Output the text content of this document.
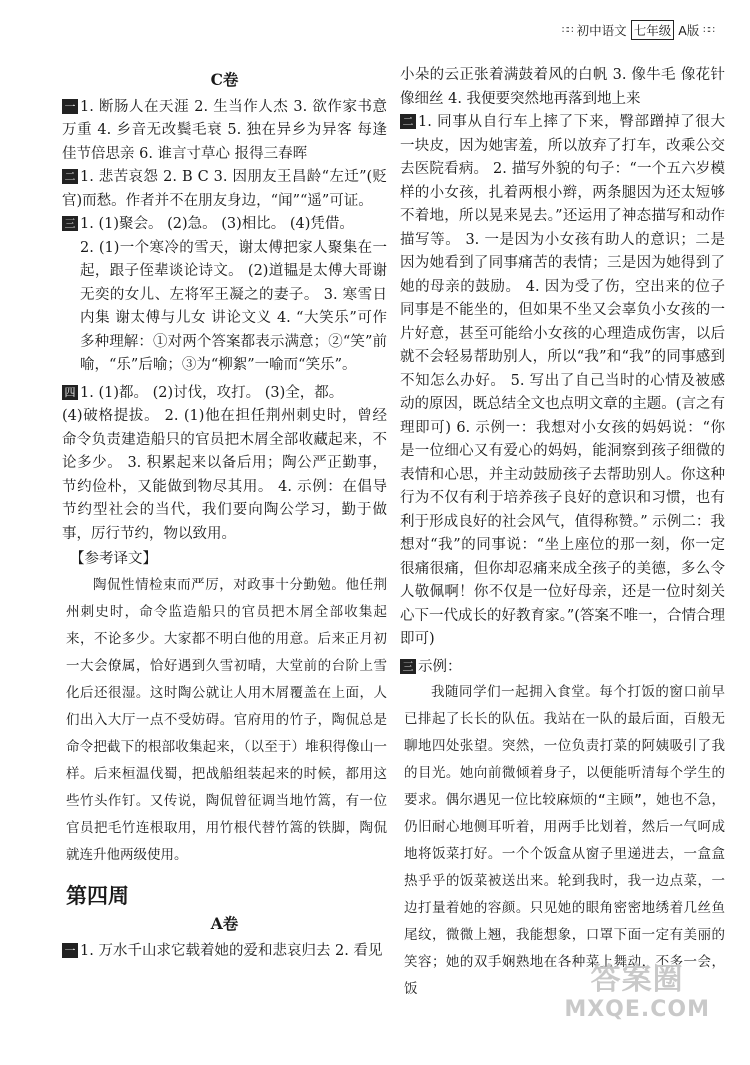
∷∷ 初中语文 七年级 A版 ∷∷
C卷

一 1. 断肠人在天涯 2. 生当作人杰 3. 欲作家书意万重 4. 乡音无改鬓毛衰 5. 独在异乡为异客 每逢佳节倍思亲 6. 谁言寸草心 报得三春晖

二 1. 悲苦哀怨 2. B C 3. 因朋友王昌龄“左迁”(贬官)而愁。作者并不在朋友身边，“闻”“遥”可证。

三 1. (1)聚会。 (2)急。 (3)相比。 (4)凭借。

2. (1)一个寒冷的雪天，谢太傅把家人聚集在一起，跟子侄辈谈论诗文。 (2)道韫是太傅大哥谢无奕的女儿、左将军王凝之的妻子。 3. 寒雪日内集 谢太傅与儿女 讲论文义 4. “大笑乐”可作多种理解：①对两个答案都表示满意；②“笑”前喻，“乐”后喻；③为“柳絮”一喻而“笑乐”。

四 1. (1)都。 (2)讨伐，攻打。 (3)全，都。

(4)破格提拔。 2. (1)他在担任荆州刺史时，曾经命令负责建造船只的官员把木屑全部收藏起来，不论多少。 3. 积累起来以备后用；陶公严正勤事，节约俭朴，又能做到物尽其用。 4. 示例：在倡导节约型社会的当代，我们要向陶公学习，勤于做事，厉行节约，物以致用。

【参考译文】

陶侃性情检束而严厉，对政事十分勤勉。他任荆州刺史时，命令监造船只的官员把木屑全部收集起来，不论多少。大家都不明白他的用意。后来正月初一大会僚属，恰好遇到久雪初晴，大堂前的台阶上雪化后还很湿。这时陶公就让人用木屑覆盖在上面，人们出入大厅一点不受妨碍。官府用的竹子，陶侃总是命令把截下的根部收集起来，（以至于）堆积得像山一样。后来桓温伐蜀，把战船组装起来的时候，都用这些竹头作钉。又传说，陶侃曾征调当地竹篙，有一位官员把毛竹连根取用，用竹根代替竹篙的铁脚，陶侃就连升他两级使用。

第四周
A卷

一 1. 万水千山求它载着她的爱和悲哀归去 2. 看见

小朵的云正张着满鼓着风的白帆 3. 像牛毛 像花针 像细丝 4. 我便要突然地再落到地上来

二 1. 同事从自行车上摔了下来，臀部蹭掉了很大一块皮，因为她害羞，所以放弃了打车，改乘公交去医院看病。 2. 描写外貌的句子：“一个五六岁模样的小女孩，扎着两根小辫，两条腿因为还太短够不着地，所以晃来晃去。”还运用了神态描写和动作描写等。 3. 一是因为小女孩有助人的意识；二是因为她看到了同事痛苦的表情；三是因为她得到了她的母亲的鼓励。 4. 因为受了伤，空出来的位子同事是不能坐的，但如果不坐又会辜负小女孩的一片好意，甚至可能给小女孩的心理造成伤害，以后就不会轻易帮助别人，所以“我”和“我”的同事感到不知怎么办好。 5. 写出了自己当时的心情及被感动的原因，既总结全文也点明文章的主题。(言之有理即可) 6. 示例一：我想对小女孩的妈妈说：“你是一位细心又有爱心的妈妈，能洞察到孩子细微的表情和心思，并主动鼓励孩子去帮助别人。你这种行为不仅有利于培养孩子良好的意识和习惯，也有利于形成良好的社会风气，值得称赞。” 示例二：我想对“我”的同事说：“坐上座位的那一刻，你一定很痛很痛，但你却忍痛来成全孩子的美德，多么令人敬佩啊！你不仅是一位好母亲，还是一位时刻关心下一代成长的好教育家。”(答案不唯一，合情合理即可)

三 示例：

我随同学们一起拥入食堂。每个打饭的窗口前早已排起了长长的队伍。我站在一队的最后面，百般无聊地四处张望。突然，一位负责打菜的阿姨吸引了我的目光。她向前微倾着身子，以便能听清每个学生的要求。偶尔遇见一位比较麻烦的“主顾”，她也不急，仍旧耐心地侧耳听着，用两手比划着，然后一气呵成地将饭菜打好。一个个饭盒从窗子里递进去，一盒盒热乎乎的饭菜被送出来。轮到我时，我一边点菜，一边打量着她的容颜。只见她的眼角密密地绣着几丝鱼尾纹，微微上翘，我能想象，口罩下面一定有美丽的笑容；她的双手娴熟地在各种菜上舞动，不多一会，饭	答案圈
MXQE.COM
